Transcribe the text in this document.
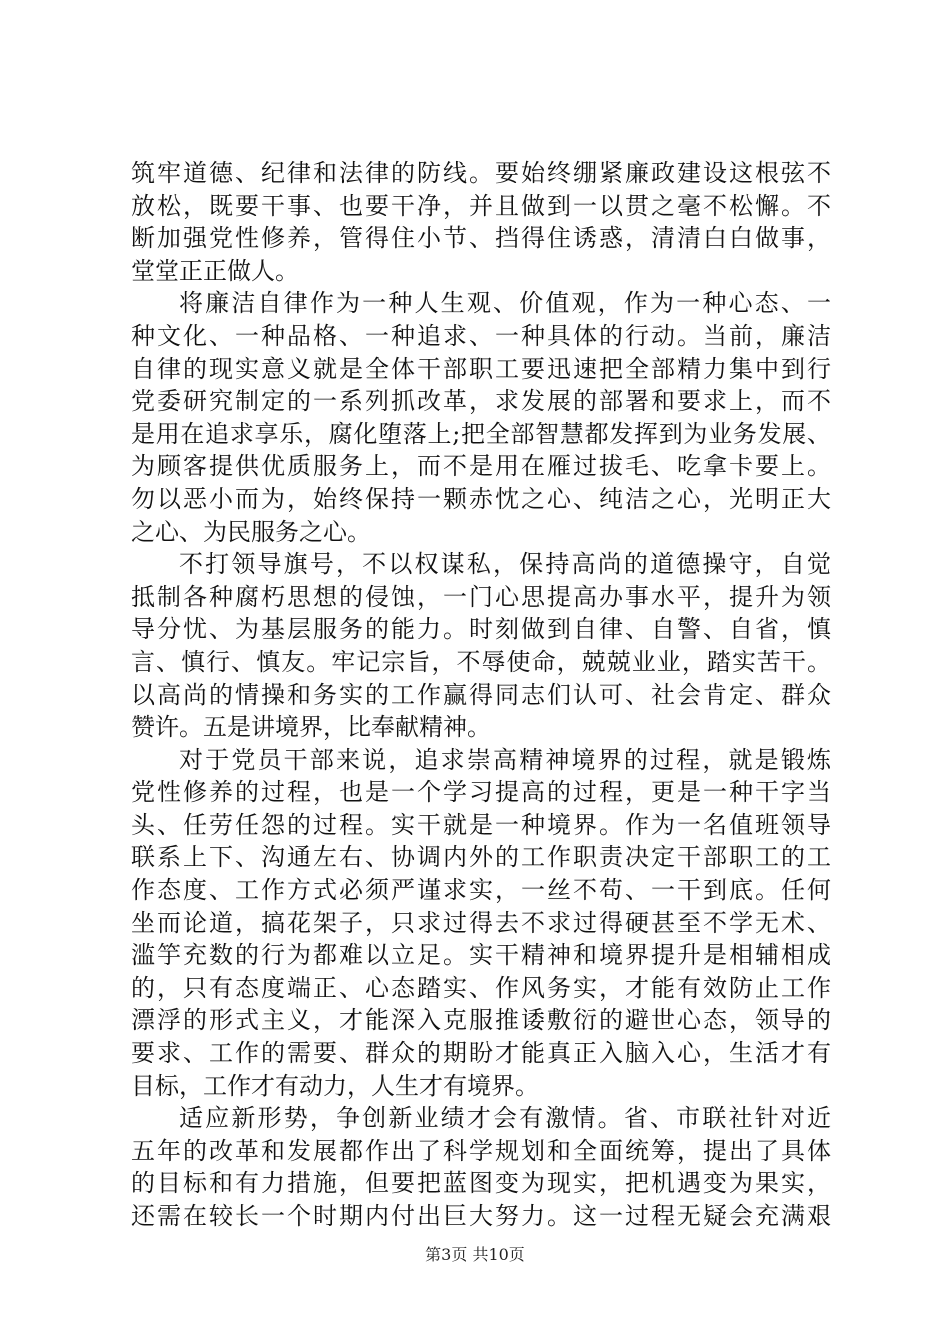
筑牢道德、纪律和法律的防线。要始终绷紧廉政建设这根弦不
放松，既要干事、也要干净，并且做到一以贯之毫不松懈。不
断加强党性修养，管得住小节、挡得住诱惑，清清白白做事，
堂堂正正做人。
将廉洁自律作为一种人生观、价值观，作为一种心态、一
种文化、一种品格、一种追求、一种具体的行动。当前，廉洁
自律的现实意义就是全体干部职工要迅速把全部精力集中到行
党委研究制定的一系列抓改革，求发展的部署和要求上，而不
是用在追求享乐，腐化堕落上;把全部智慧都发挥到为业务发展、
为顾客提供优质服务上，而不是用在雁过拔毛、吃拿卡要上。
勿以恶小而为，始终保持一颗赤忱之心、纯洁之心，光明正大
之心、为民服务之心。
不打领导旗号，不以权谋私，保持高尚的道德操守，自觉
抵制各种腐朽思想的侵蚀，一门心思提高办事水平，提升为领
导分忧、为基层服务的能力。时刻做到自律、自警、自省，慎
言、慎行、慎友。牢记宗旨，不辱使命，兢兢业业，踏实苦干。
以高尚的情操和务实的工作赢得同志们认可、社会肯定、群众
赞许。五是讲境界，比奉献精神。
对于党员干部来说，追求崇高精神境界的过程，就是锻炼
党性修养的过程，也是一个学习提高的过程，更是一种干字当
头、任劳任怨的过程。实干就是一种境界。作为一名值班领导
联系上下、沟通左右、协调内外的工作职责决定干部职工的工
作态度、工作方式必须严谨求实，一丝不苟、一干到底。任何
坐而论道，搞花架子，只求过得去不求过得硬甚至不学无术、
滥竽充数的行为都难以立足。实干精神和境界提升是相辅相成
的，只有态度端正、心态踏实、作风务实，才能有效防止工作
漂浮的形式主义，才能深入克服推诿敷衍的避世心态，领导的
要求、工作的需要、群众的期盼才能真正入脑入心，生活才有
目标，工作才有动力，人生才有境界。
适应新形势，争创新业绩才会有激情。省、市联社针对近
五年的改革和发展都作出了科学规划和全面统筹，提出了具体
的目标和有力措施，但要把蓝图变为现实，把机遇变为果实，
还需在较长一个时期内付出巨大努力。这一过程无疑会充满艰
第3页 共10页
